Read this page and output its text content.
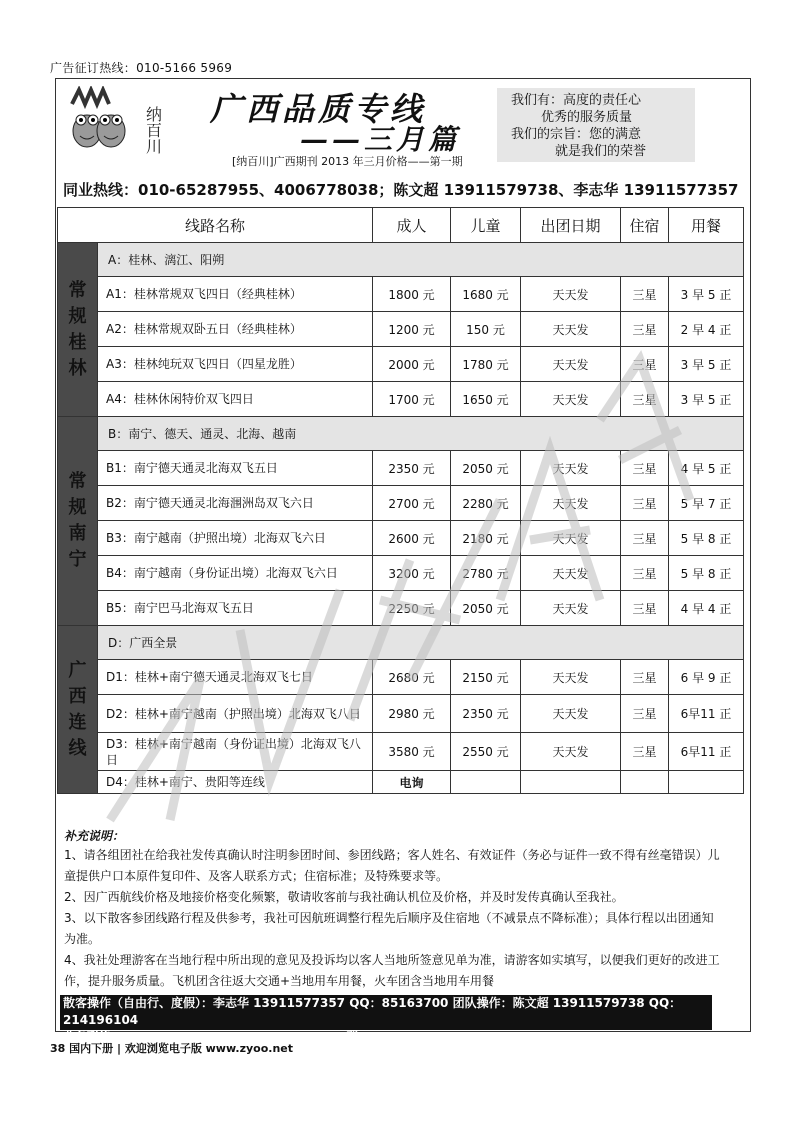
广告征订热线：010-5166 5969
纳百川 广西品质专线
——三月篇
[纳百川]广西期刊 2013 年三月价格——第一期
我们有：高度的责任心
优秀的服务质量
我们的宗旨：您的满意
就是我们的荣誉
同业热线：010-65287955、4006778038；陈文超 13911579738、李志华 13911577357
线路名称		成人	儿童	出团日期	住宿	用餐
常规桂林	A：桂林、漓江、阳朔					
	A1：桂林常规双飞四日（经典桂林）	1800 元	1680 元	天天发	三星	3 早 5 正
	A2：桂林常规双卧五日（经典桂林）	1200 元	150 元	天天发	三星	2 早 4 正
	A3：桂林纯玩双飞四日（四星龙胜）	2000 元	1780 元	天天发	三星	3 早 5 正
	A4：桂林休闲特价双飞四日	1700 元	1650 元	天天发	三星	3 早 5 正
常规南宁	B：南宁、德天、通灵、北海、越南					
	B1：南宁德天通灵北海双飞五日	2350 元	2050 元	天天发	三星	4 早 5 正
	B2：南宁德天通灵北海涠洲岛双飞六日	2700 元	2280 元	天天发	三星	5 早 7 正
	B3：南宁越南（护照出境）北海双飞六日	2600 元	2180 元	天天发	三星	5 早 8 正
	B4：南宁越南（身份证出境）北海双飞六日	3200 元	2780 元	天天发	三星	5 早 8 正
	B5：南宁巴马北海双飞五日	2250 元	2050 元	天天发	三星	4 早 4 正
广西连线	D：广西全景					
	D1：桂林+南宁德天通灵北海双飞七日	2680 元	2150 元	天天发	三星	6 早 9 正
	D2：桂林+南宁越南（护照出境）北海双飞八日	2980 元	2350 元	天天发	三星	6早11 正
	D3：桂林+南宁越南（身份证出境）北海双飞八日	3580 元	2550 元	天天发	三星	6早11 正
	D4：桂林+南宁、贵阳等连线	电询				
补充说明：

1、请各组团社在给我社发传真确认时注明参团时间、参团线路；客人姓名、有效证件（务必与证件一致不得有丝毫错误）儿童提供户口本原件复印件、及客人联系方式；住宿标准；及特殊要求等。

2、因广西航线价格及地接价格变化频繁，敬请收客前与我社确认机位及价格，并及时发传真确认至我社。

3、以下散客参团线路行程及供参考，我社可因航班调整行程先后顺序及住宿地（不减景点不降标准）；具体行程以出团通知为准。

4、我社处理游客在当地行程中所出现的意见及投诉均以客人当地所签意见单为准，请游客如实填写，以便我们更好的改进工作，提升服务质量。飞机团含往返大交通+当地用车用餐，火车团含当地用车用餐

散客操作（自由行、度假）：李志华 13911577357 QQ：85163700 团队操作：陈文超 13911579738 QQ：214196104
业务联络：010-65287955 400-677-8038 QQ 群：65261106
38 国内下册 | 欢迎浏览电子版 www.zyoo.net
